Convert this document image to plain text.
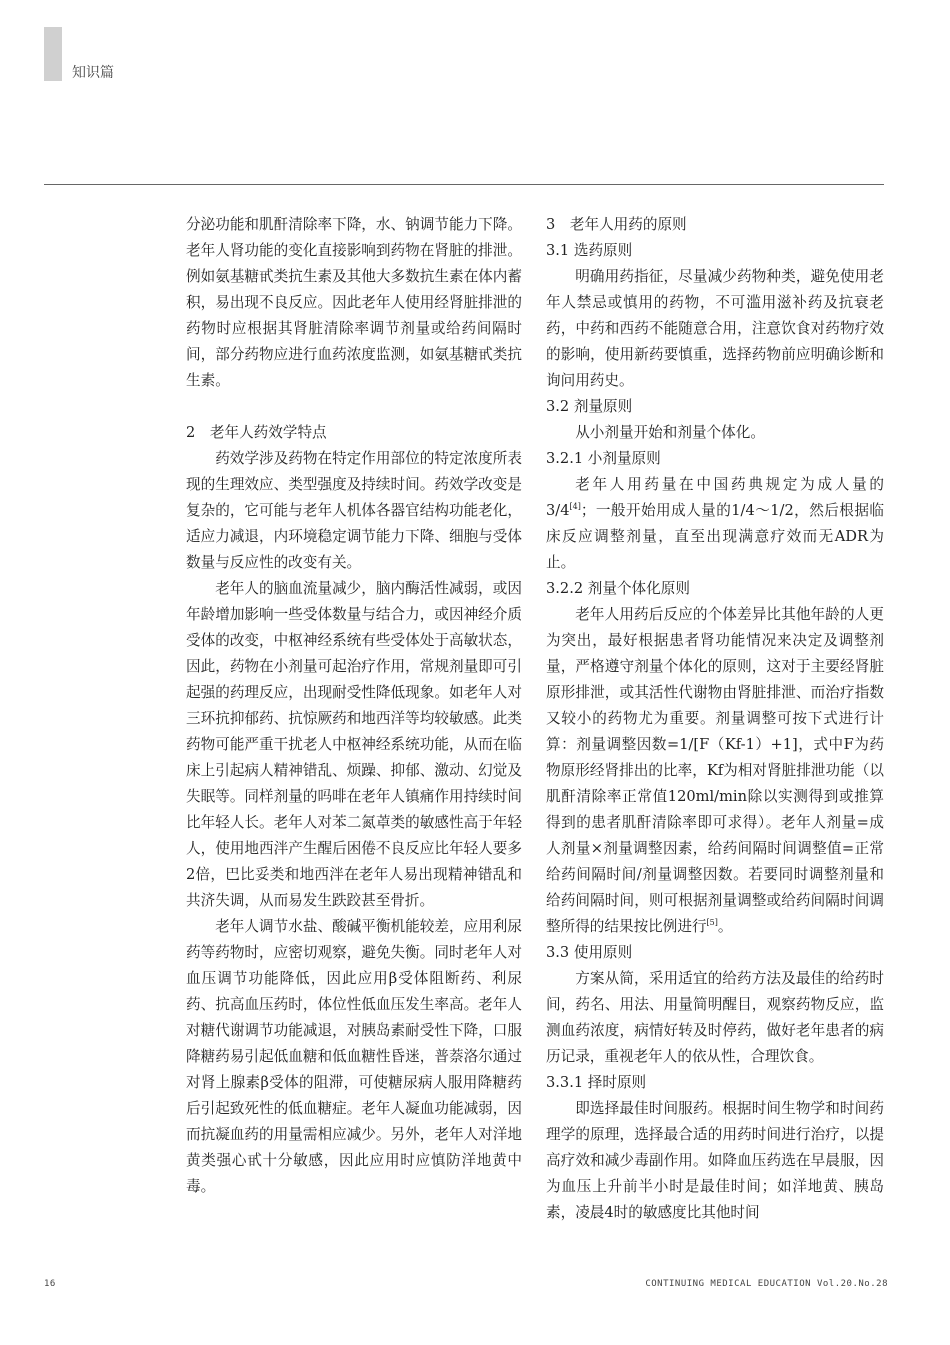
知识篇

分泌功能和肌酐清除率下降，水、钠调节能力下降。老年人肾功能的变化直接影响到药物在肾脏的排泄。例如氨基糖甙类抗生素及其他大多数抗生素在体内蓄积，易出现不良反应。因此老年人使用经肾脏排泄的药物时应根据其肾脏清除率调节剂量或给药间隔时间，部分药物应进行血药浓度监测，如氨基糖甙类抗生素。

2　老年人药效学特点

药效学涉及药物在特定作用部位的特定浓度所表现的生理效应、类型强度及持续时间。药效学改变是复杂的，它可能与老年人机体各器官结构功能老化，适应力减退，内环境稳定调节能力下降、细胞与受体数量与反应性的改变有关。

老年人的脑血流量减少，脑内酶活性减弱，或因年龄增加影响一些受体数量与结合力，或因神经介质受体的改变，中枢神经系统有些受体处于高敏状态，因此，药物在小剂量可起治疗作用，常规剂量即可引起强的药理反应，出现耐受性降低现象。如老年人对三环抗抑郁药、抗惊厥药和地西洋等均较敏感。此类药物可能严重干扰老人中枢神经系统功能，从而在临床上引起病人精神错乱、烦躁、抑郁、激动、幻觉及失眠等。同样剂量的吗啡在老年人镇痛作用持续时间比年轻人长。老年人对苯二氮䓬类的敏感性高于年轻人，使用地西泮产生醒后困倦不良反应比年轻人要多2倍，巴比妥类和地西泮在老年人易出现精神错乱和共济失调，从而易发生跌跤甚至骨折。

老年人调节水盐、酸碱平衡机能较差，应用利尿药等药物时，应密切观察，避免失衡。同时老年人对血压调节功能降低，因此应用β受体阻断药、利尿药、抗高血压药时，体位性低血压发生率高。老年人对糖代谢调节功能减退，对胰岛素耐受性下降，口服降糖药易引起低血糖和低血糖性昏迷，普萘洛尔通过对肾上腺素β受体的阻滞，可使糖尿病人服用降糖药后引起致死性的低血糖症。老年人凝血功能减弱，因而抗凝血药的用量需相应减少。另外，老年人对洋地黄类强心甙十分敏感，因此应用时应慎防洋地黄中毒。

3　老年人用药的原则

3.1 选药原则

明确用药指征，尽量减少药物种类，避免使用老年人禁忌或慎用的药物，不可滥用滋补药及抗衰老药，中药和西药不能随意合用，注意饮食对药物疗效的影响，使用新药要慎重，选择药物前应明确诊断和询问用药史。

3.2 剂量原则

从小剂量开始和剂量个体化。

3.2.1 小剂量原则

老年人用药量在中国药典规定为成人量的3/4[4]；一般开始用成人量的1/4～1/2，然后根据临床反应调整剂量，直至出现满意疗效而无ADR为止。

3.2.2 剂量个体化原则

老年人用药后反应的个体差异比其他年龄的人更为突出，最好根据患者肾功能情况来决定及调整剂量，严格遵守剂量个体化的原则，这对于主要经肾脏原形排泄，或其活性代谢物由肾脏排泄、而治疗指数又较小的药物尤为重要。剂量调整可按下式进行计算：剂量调整因数=1/[F（Kf-1）+1]，式中F为药物原形经肾排出的比率，Kf为相对肾脏排泄功能（以肌酐清除率正常值120ml/min除以实测得到或推算得到的患者肌酐清除率即可求得）。老年人剂量=成人剂量×剂量调整因素，给药间隔时间调整值=正常给药间隔时间/剂量调整因数。若要同时调整剂量和给药间隔时间，则可根据剂量调整或给药间隔时间调整所得的结果按比例进行[5]。

3.3 使用原则

方案从简，采用适宜的给药方法及最佳的给药时间，药名、用法、用量简明醒目，观察药物反应，监测血药浓度，病情好转及时停药，做好老年患者的病历记录，重视老年人的依从性，合理饮食。

3.3.1 择时原则

即选择最佳时间服药。根据时间生物学和时间药理学的原理，选择最合适的用药时间进行治疗，以提高疗效和减少毒副作用。如降血压药选在早晨服，因为血压上升前半小时是最佳时间；如洋地黄、胰岛素，凌晨4时的敏感度比其他时间

16	CONTINUING MEDICAL EDUCATION Vol.20.No.28
